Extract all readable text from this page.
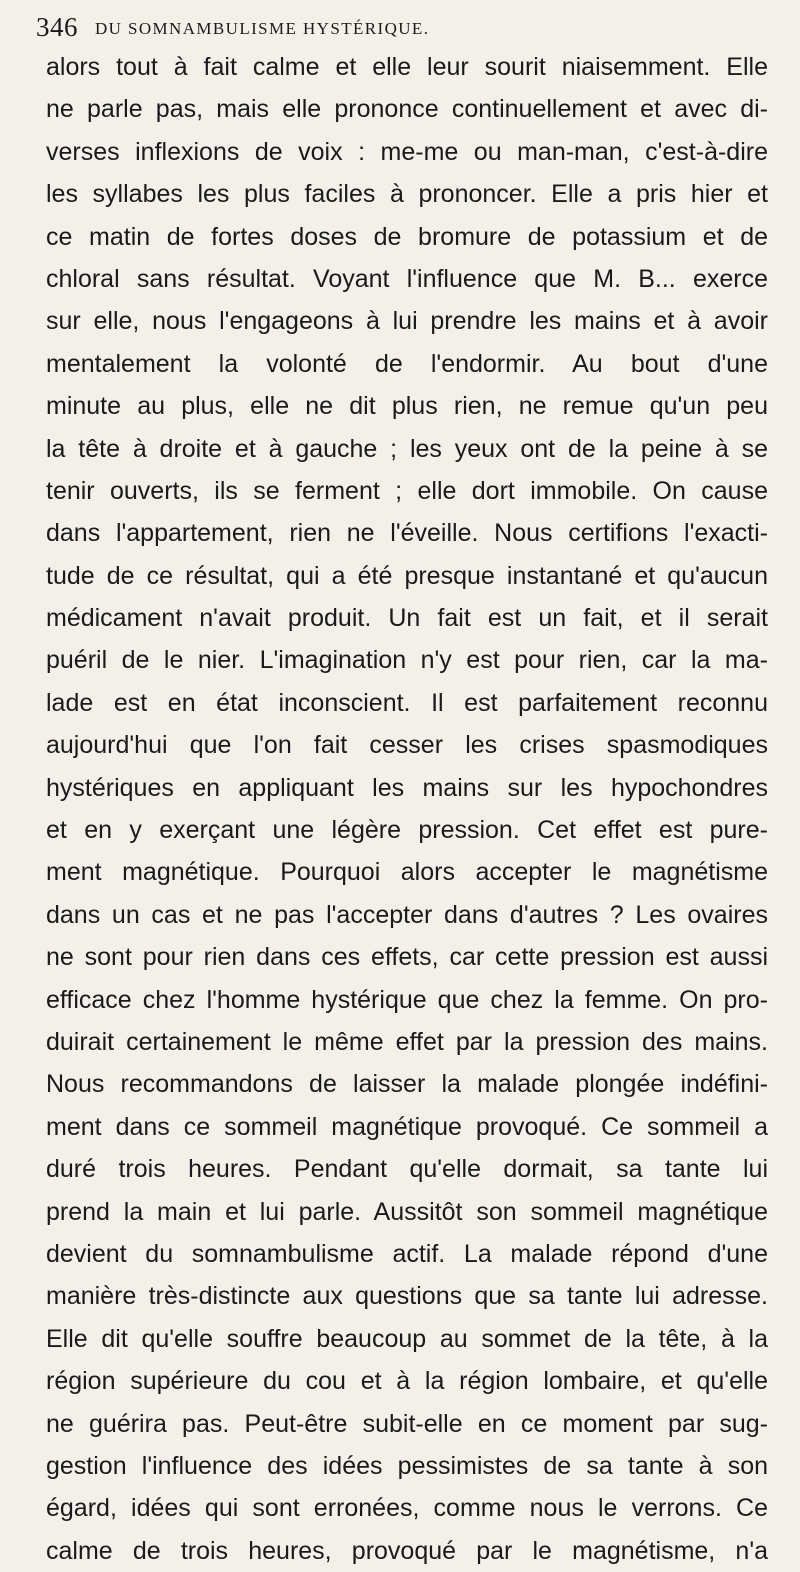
346 DU SOMNAMBULISME HYSTÉRIQUE.
alors tout à fait calme et elle leur sourit niaisemment. Elle
ne parle pas, mais elle prononce continuellement et avec di-
verses inflexions de voix : me-me ou man-man, c'est-à-dire
les syllabes les plus faciles à prononcer. Elle a pris hier et
ce matin de fortes doses de bromure de potassium et de
chloral sans résultat. Voyant l'influence que M. B... exerce
sur elle, nous l'engageons à lui prendre les mains et à avoir
mentalement la volonté de l'endormir. Au bout d'une
minute au plus, elle ne dit plus rien, ne remue qu'un peu
la tête à droite et à gauche ; les yeux ont de la peine à se
tenir ouverts, ils se ferment ; elle dort immobile. On cause
dans l'appartement, rien ne l'éveille. Nous certifions l'exacti-
tude de ce résultat, qui a été presque instantané et qu'aucun
médicament n'avait produit. Un fait est un fait, et il serait
puéril de le nier. L'imagination n'y est pour rien, car la ma-
lade est en état inconscient. Il est parfaitement reconnu
aujourd'hui que l'on fait cesser les crises spasmodiques
hystériques en appliquant les mains sur les hypochondres
et en y exerçant une légère pression. Cet effet est pure-
ment magnétique. Pourquoi alors accepter le magnétisme
dans un cas et ne pas l'accepter dans d'autres ? Les ovaires
ne sont pour rien dans ces effets, car cette pression est aussi
efficace chez l'homme hystérique que chez la femme. On pro-
duirait certainement le même effet par la pression des mains.
Nous recommandons de laisser la malade plongée indéfini-
ment dans ce sommeil magnétique provoqué. Ce sommeil a
duré trois heures. Pendant qu'elle dormait, sa tante lui
prend la main et lui parle. Aussitôt son sommeil magnétique
devient du somnambulisme actif. La malade répond d'une
manière très-distincte aux questions que sa tante lui adresse.
Elle dit qu'elle souffre beaucoup au sommet de la tête, à la
région supérieure du cou et à la région lombaire, et qu'elle
ne guérira pas. Peut-être subit-elle en ce moment par sug-
gestion l'influence des idées pessimistes de sa tante à son
égard, idées qui sont erronées, comme nous le verrons. Ce
calme de trois heures, provoqué par le magnétisme, n'a
